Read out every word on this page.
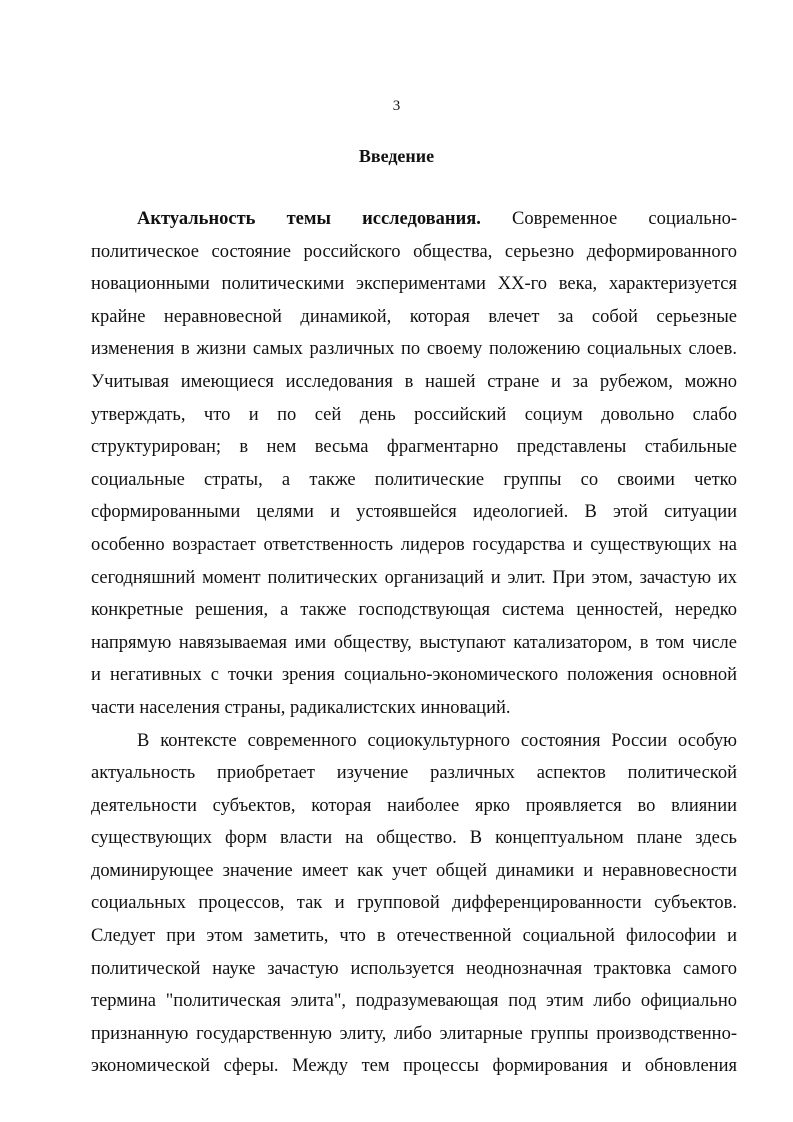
3
Введение
Актуальность темы исследования. Современное социально-
политическое состояние российского общества, серьезно деформированного
новационными политическими экспериментами XX-го века, характеризуется
крайне неравновесной динамикой, которая влечет за собой серьезные
изменения в жизни самых различных по своему положению социальных слоев.
Учитывая имеющиеся исследования в нашей стране и за рубежом, можно
утверждать, что и по сей день российский социум довольно слабо
структурирован; в нем весьма фрагментарно представлены стабильные
социальные страты, а также политические группы со своими четко
сформированными целями и устоявшейся идеологией. В этой ситуации
особенно возрастает ответственность лидеров государства и существующих на
сегодняшний момент политических организаций и элит. При этом, зачастую их
конкретные решения, а также господствующая система ценностей, нередко
напрямую навязываемая ими обществу, выступают катализатором, в том числе
и негативных с точки зрения социально-экономического положения основной
части населения страны, радикалистских инноваций.
В контексте современного социокультурного состояния России особую
актуальность приобретает изучение различных аспектов политической
деятельности субъектов, которая наиболее ярко проявляется во влиянии
существующих форм власти на общество. В концептуальном плане здесь
доминирующее значение имеет как учет общей динамики и неравновесности
социальных процессов, так и групповой дифференцированности субъектов.
Следует при этом заметить, что в отечественной социальной философии и
политической науке зачастую используется неоднозначная трактовка самого
термина "политическая элита", подразумевающая под этим либо официально
признанную государственную элиту, либо элитарные группы производственно-
экономической сферы. Между тем процессы формирования и обновления
